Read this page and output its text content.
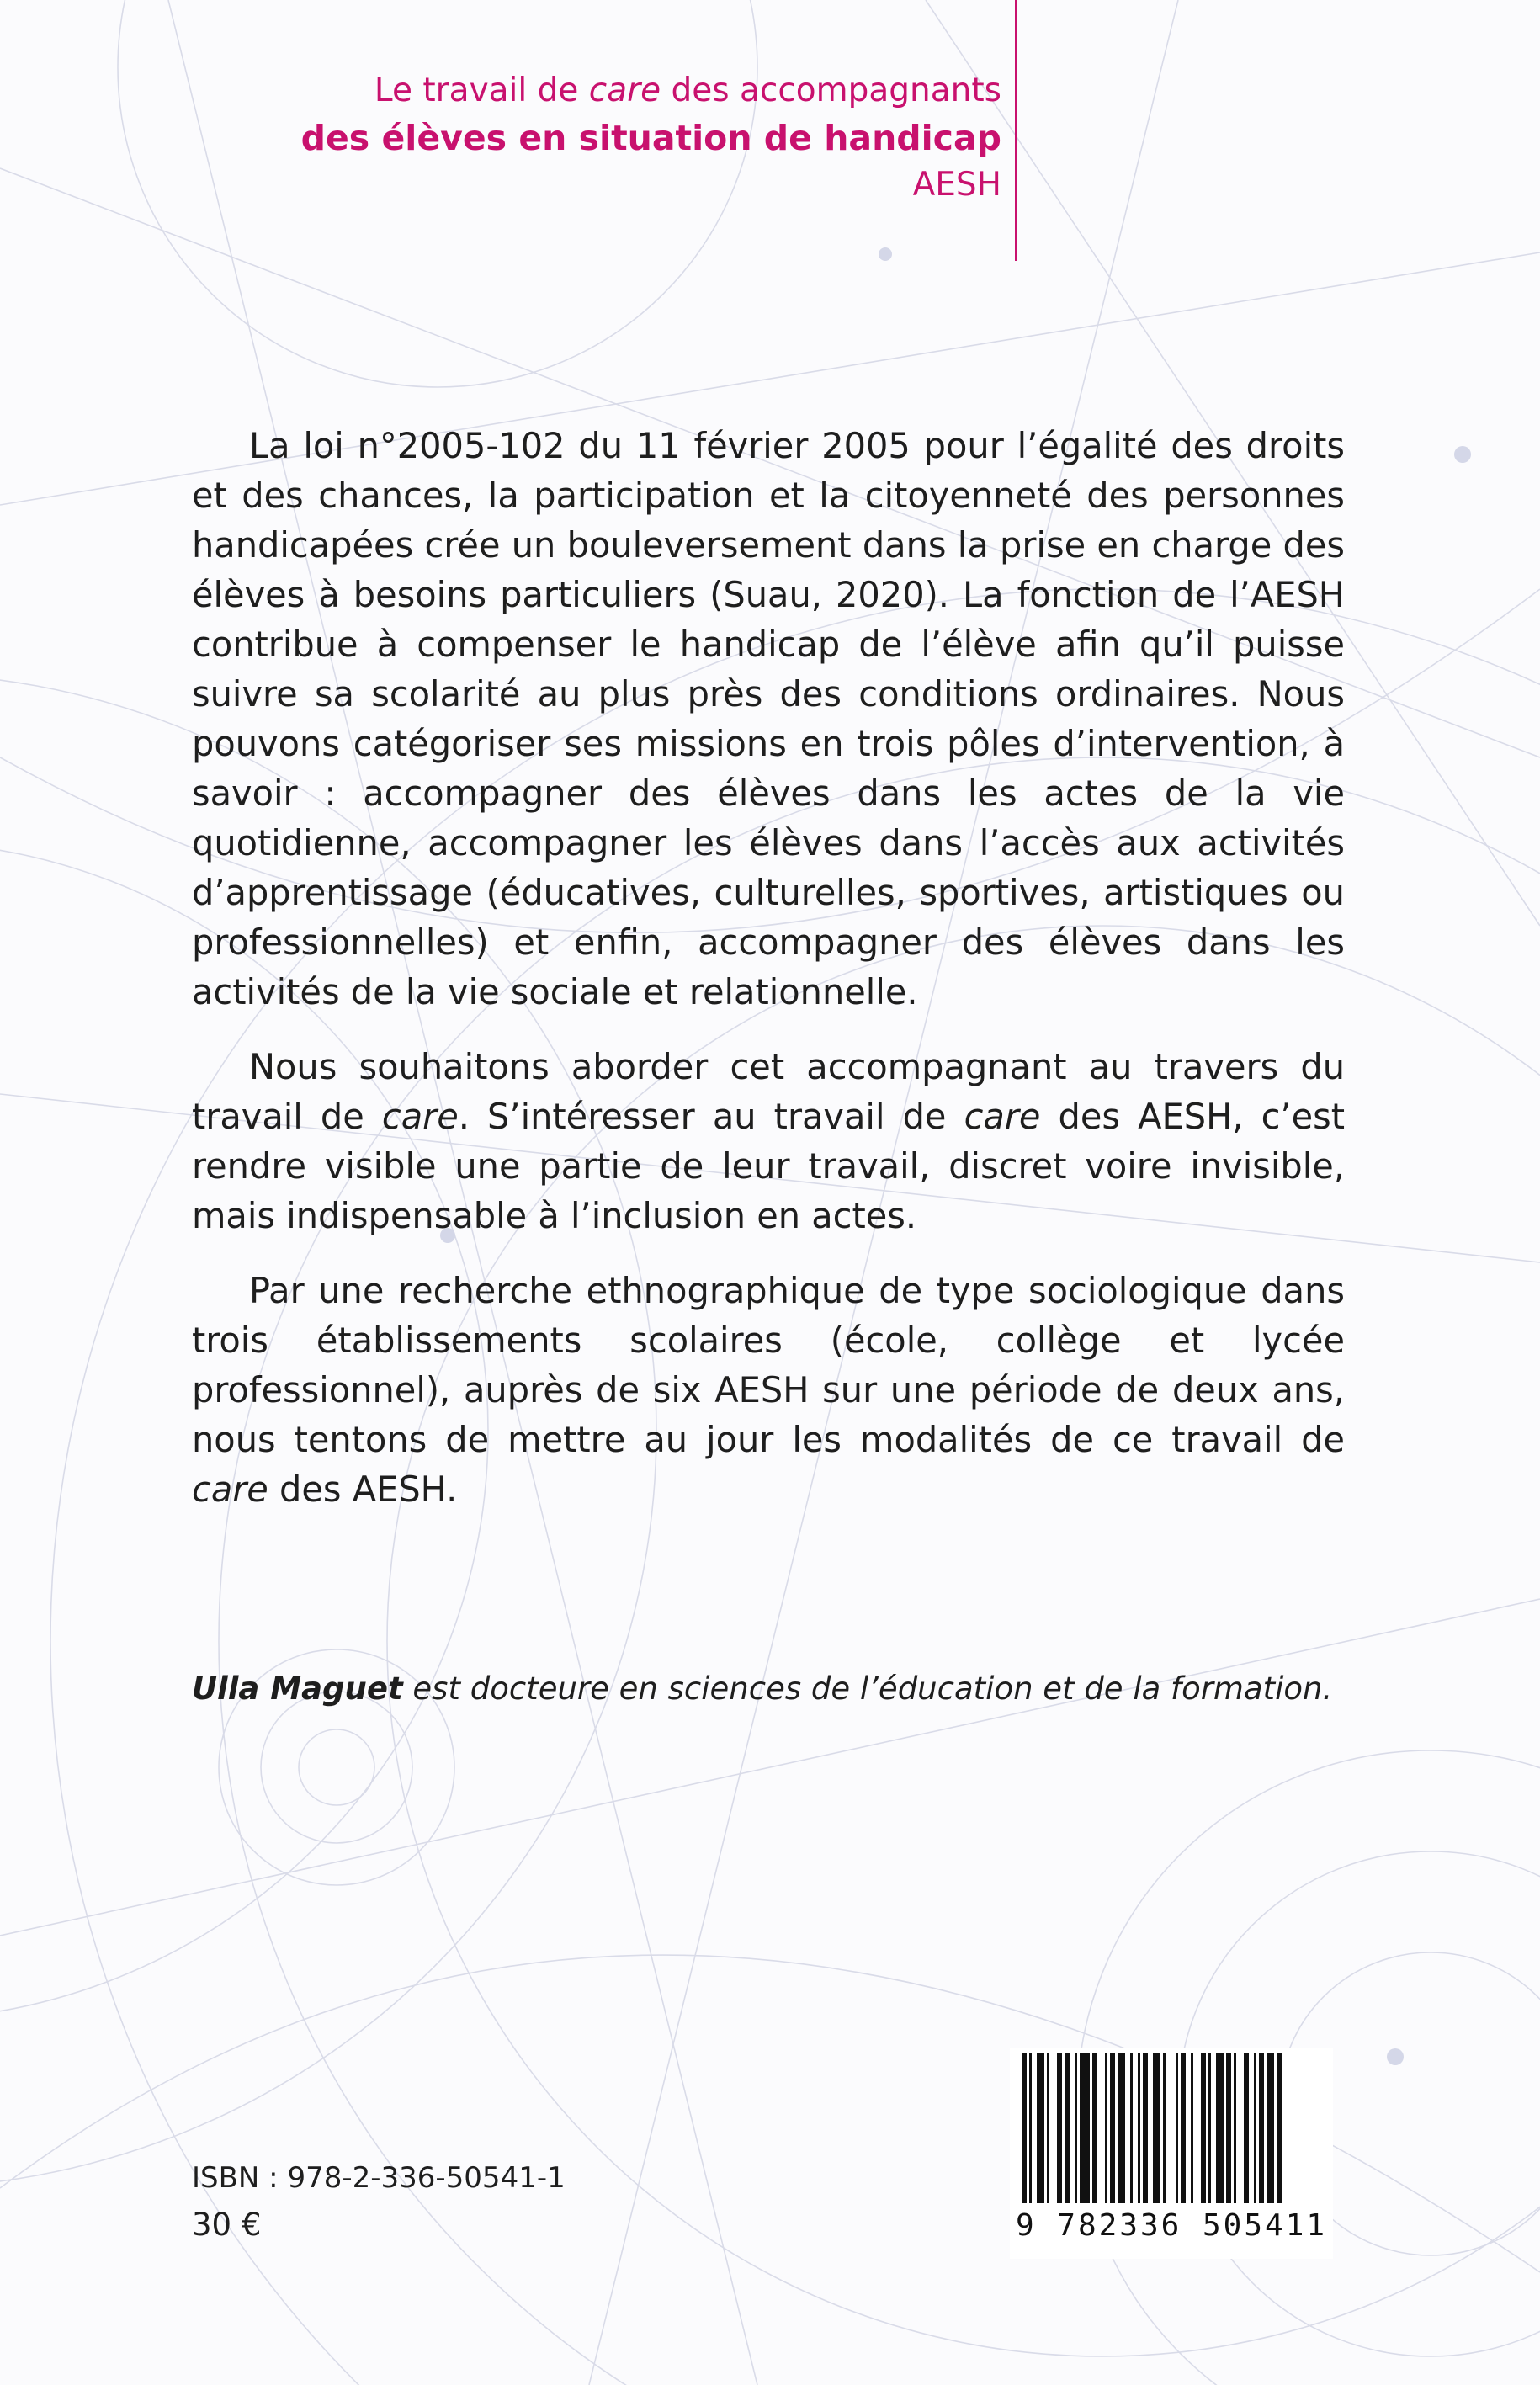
Le travail de care des accompagnants
des élèves en situation de handicap
AESH

La loi n°2005-102 du 11 février 2005 pour l’égalité des droits et des chances, la participation et la citoyenneté des personnes handicapées crée un bouleversement dans la prise en charge des élèves à besoins particuliers (Suau, 2020). La fonction de l’AESH contribue à compenser le handicap de l’élève afin qu’il puisse suivre sa scolarité au plus près des conditions ordinaires. Nous pouvons catégoriser ses missions en trois pôles d’intervention, à savoir : accompagner des élèves dans les actes de la vie quotidienne, accompagner les élèves dans l’accès aux activités d’apprentissage (éducatives, culturelles, sportives, artistiques ou professionnelles) et enfin, accompagner des élèves dans les activités de la vie sociale et relationnelle.

Nous souhaitons aborder cet accompagnant au travers du travail de care. S’intéresser au travail de care des AESH, c’est rendre visible une partie de leur travail, discret voire invisible, mais indispensable à l’inclusion en actes.

Par une recherche ethnographique de type sociologique dans trois établissements scolaires (école, collège et lycée professionnel), auprès de six AESH sur une période de deux ans, nous tentons de mettre au jour les modalités de ce travail de care des AESH.

Ulla Maguet est docteure en sciences de l’éducation et de la formation.
ISBN : 978-2-336-50541-1
30 €	9 782336 505411
